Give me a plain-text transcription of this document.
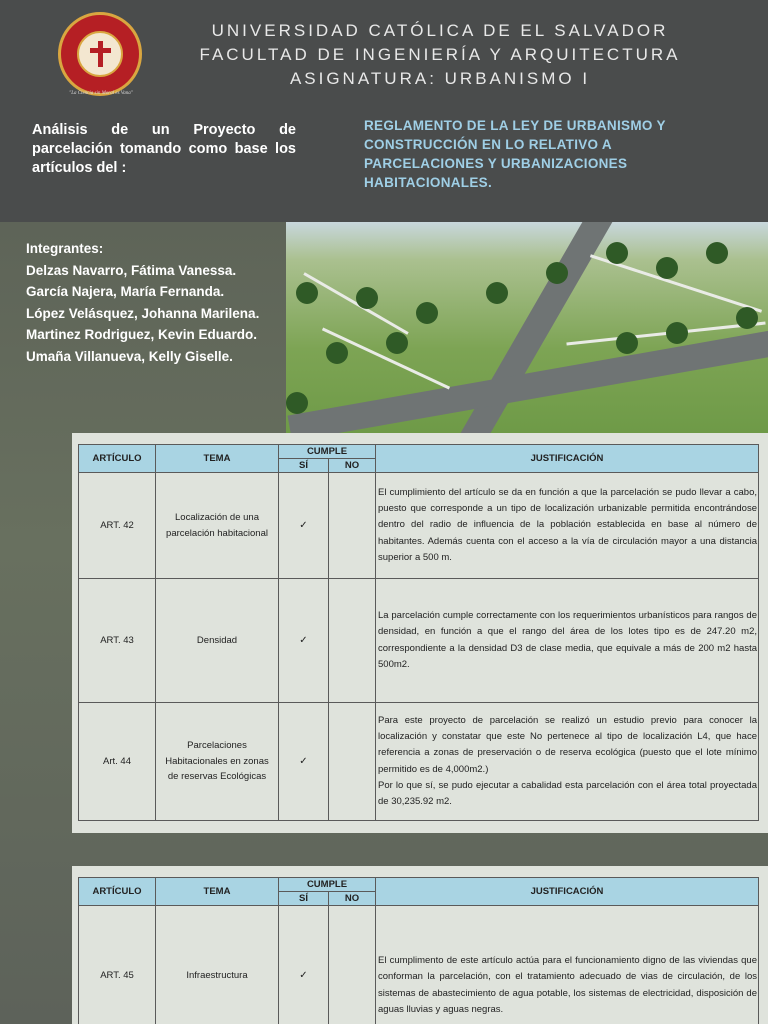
"La Ciencia sin Moral es Vana"
UNIVERSIDAD CATÓLICA DE EL SALVADOR
FACULTAD DE INGENIERÍA Y ARQUITECTURA
ASIGNATURA: URBANISMO I
Análisis de un Proyecto de parcelación tomando como base los artículos del :
REGLAMENTO DE LA LEY DE URBANISMO Y CONSTRUCCIÓN EN LO RELATIVO A PARCELACIONES Y URBANIZACIONES HABITACIONALES.
Integrantes:
Delzas Navarro, Fátima Vanessa.
García Najera, María Fernanda.
López Velásquez, Johanna Marilena.
Martinez Rodriguez, Kevin Eduardo.
Umaña Villanueva, Kelly Giselle.
ARTÍCULO	TEMA	CUMPLE		JUSTIFICACIÓN
		SÍ	NO	
ART. 42	Localización de una parcelación habitacional	✓		El cumplimiento del artículo se da en función a que la parcelación se pudo llevar a cabo, puesto que corresponde a un tipo de localización urbanizable permitida encontrándose dentro del radio de influencia de la población establecida en base al número de habitantes. Además cuenta con el acceso a la vía de circulación mayor a una distancia superior a 500 m.
ART. 43	Densidad	✓		La parcelación cumple correctamente con los requerimientos urbanísticos para rangos de densidad, en función a que el rango del área de los lotes tipo es de 247.20 m2, correspondiente a la densidad D3 de clase media, que equivale a más de 200 m2 hasta 500m2.
Art. 44	Parcelaciones Habitacionales en zonas de reservas Ecológicas	✓		Para este proyecto de parcelación se realizó un estudio previo para conocer la localización y constatar que este No pertenece al tipo de localización L4, que hace referencia a zonas de preservación o de reserva ecológica (puesto que el lote mínimo permitido es de 4,000m2.)
Por lo que sí, se pudo ejecutar a cabalidad esta parcelación con el área total proyectada de 30,235.92 m2.
ARTÍCULO	TEMA	CUMPLE		JUSTIFICACIÓN
		SÍ	NO	
ART. 45	Infraestructura	✓		El cumplimento de este artículo actúa para el funcionamiento digno de las viviendas que conforman la parcelación, con el tratamiento adecuado de vias de circulación, de los sistemas de abastecimiento de agua potable, los sistemas de electricidad, disposición de aguas lluvias y aguas negras.
